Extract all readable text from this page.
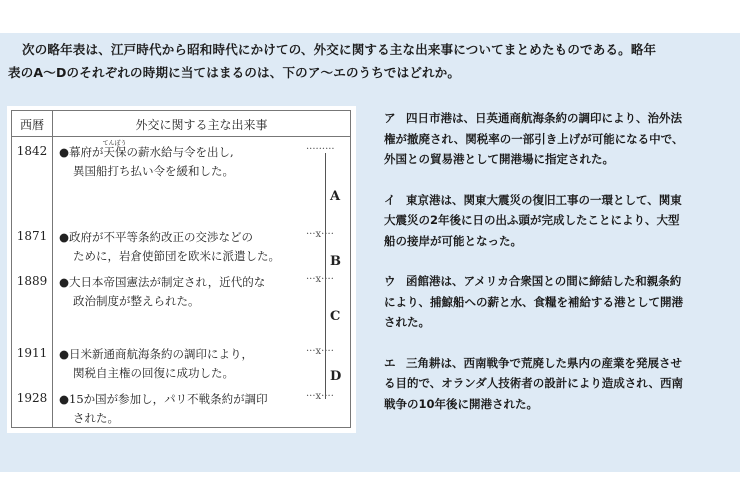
次の略年表は、江戸時代から昭和時代にかけての、外交に関する主な出来事についてまとめたものである。略年
表のA〜Dのそれぞれの時期に当てはまるのは、下のア〜エのうちではどれか。
西暦	外交に関する主な出来事
1842	●幕府が
てんぽう
天保の薪水給与令を出し,
異国船打ち払い令を緩和した。
·········
1871	●政府が不平等条約改正の交渉などの
ために，岩倉使節団を欧米に派遣した。
···x····
1889	●大日本帝国憲法が制定され，近代的な
政治制度が整えられた。
···x····
1911	●日米新通商航海条約の調印により，
関税自主権の回復に成功した。
···x····
1928	●15か国が参加し，パリ不戦条約が調印
された。
···x····
A
B
C
D
ア 四日市港は、日英通商航海条約の調印により、治外法
権が撤廃され、関税率の一部引き上げが可能になる中で、
外国との貿易港として開港場に指定された。
イ 東京港は、関東大震災の復旧工事の一環として、関東
大震災の2年後に日の出ふ頭が完成したことにより、大型
船の接岸が可能となった。
ウ 函館港は、アメリカ合衆国との間に締結した和親条約
により、捕鯨船への薪と水、食糧を補給する港として開港
された。
エ 三角耕は、西南戦争で荒廃した県内の産業を発展させ
る目的で、オランダ人技術者の設計により造成され、西南
戦争の10年後に開港された。
